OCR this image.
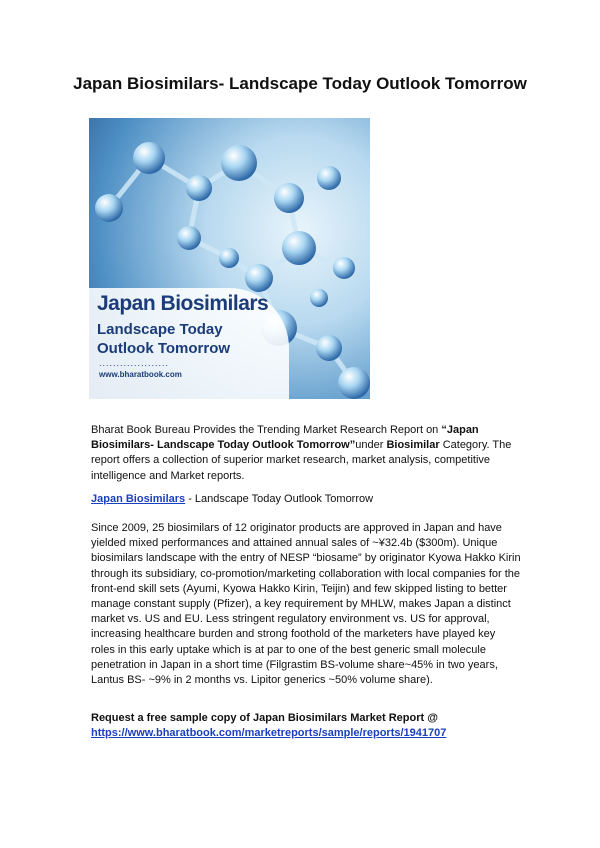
Japan Biosimilars- Landscape Today Outlook Tomorrow
Japan Biosimilars
Landscape Today
Outlook Tomorrow
....................
www.bharatbook.com

Bharat Book Bureau Provides the Trending Market Research Report on “Japan Biosimilars- Landscape Today Outlook Tomorrow”under Biosimilar Category. The report offers a collection of superior market research, market analysis, competitive intelligence and Market reports.

Japan Biosimilars - Landscape Today Outlook Tomorrow

Since 2009, 25 biosimilars of 12 originator products are approved in Japan and have yielded mixed performances and attained annual sales of ~¥32.4b ($300m). Unique biosimilars landscape with the entry of NESP “biosame” by originator Kyowa Hakko Kirin through its subsidiary, co-promotion/marketing collaboration with local companies for the front-end skill sets (Ayumi, Kyowa Hakko Kirin, Teijin) and few skipped listing to better manage constant supply (Pfizer), a key requirement by MHLW, makes Japan a distinct market vs. US and EU. Less stringent regulatory environment vs. US for approval, increasing healthcare burden and strong foothold of the marketers have played key roles in this early uptake which is at par to one of the best generic small molecule penetration in Japan in a short time (Filgrastim BS-volume share~45% in two years, Lantus BS- ~9% in 2 months vs. Lipitor generics ~50% volume share).

Request a free sample copy of Japan Biosimilars Market Report @
https://www.bharatbook.com/marketreports/sample/reports/1941707
